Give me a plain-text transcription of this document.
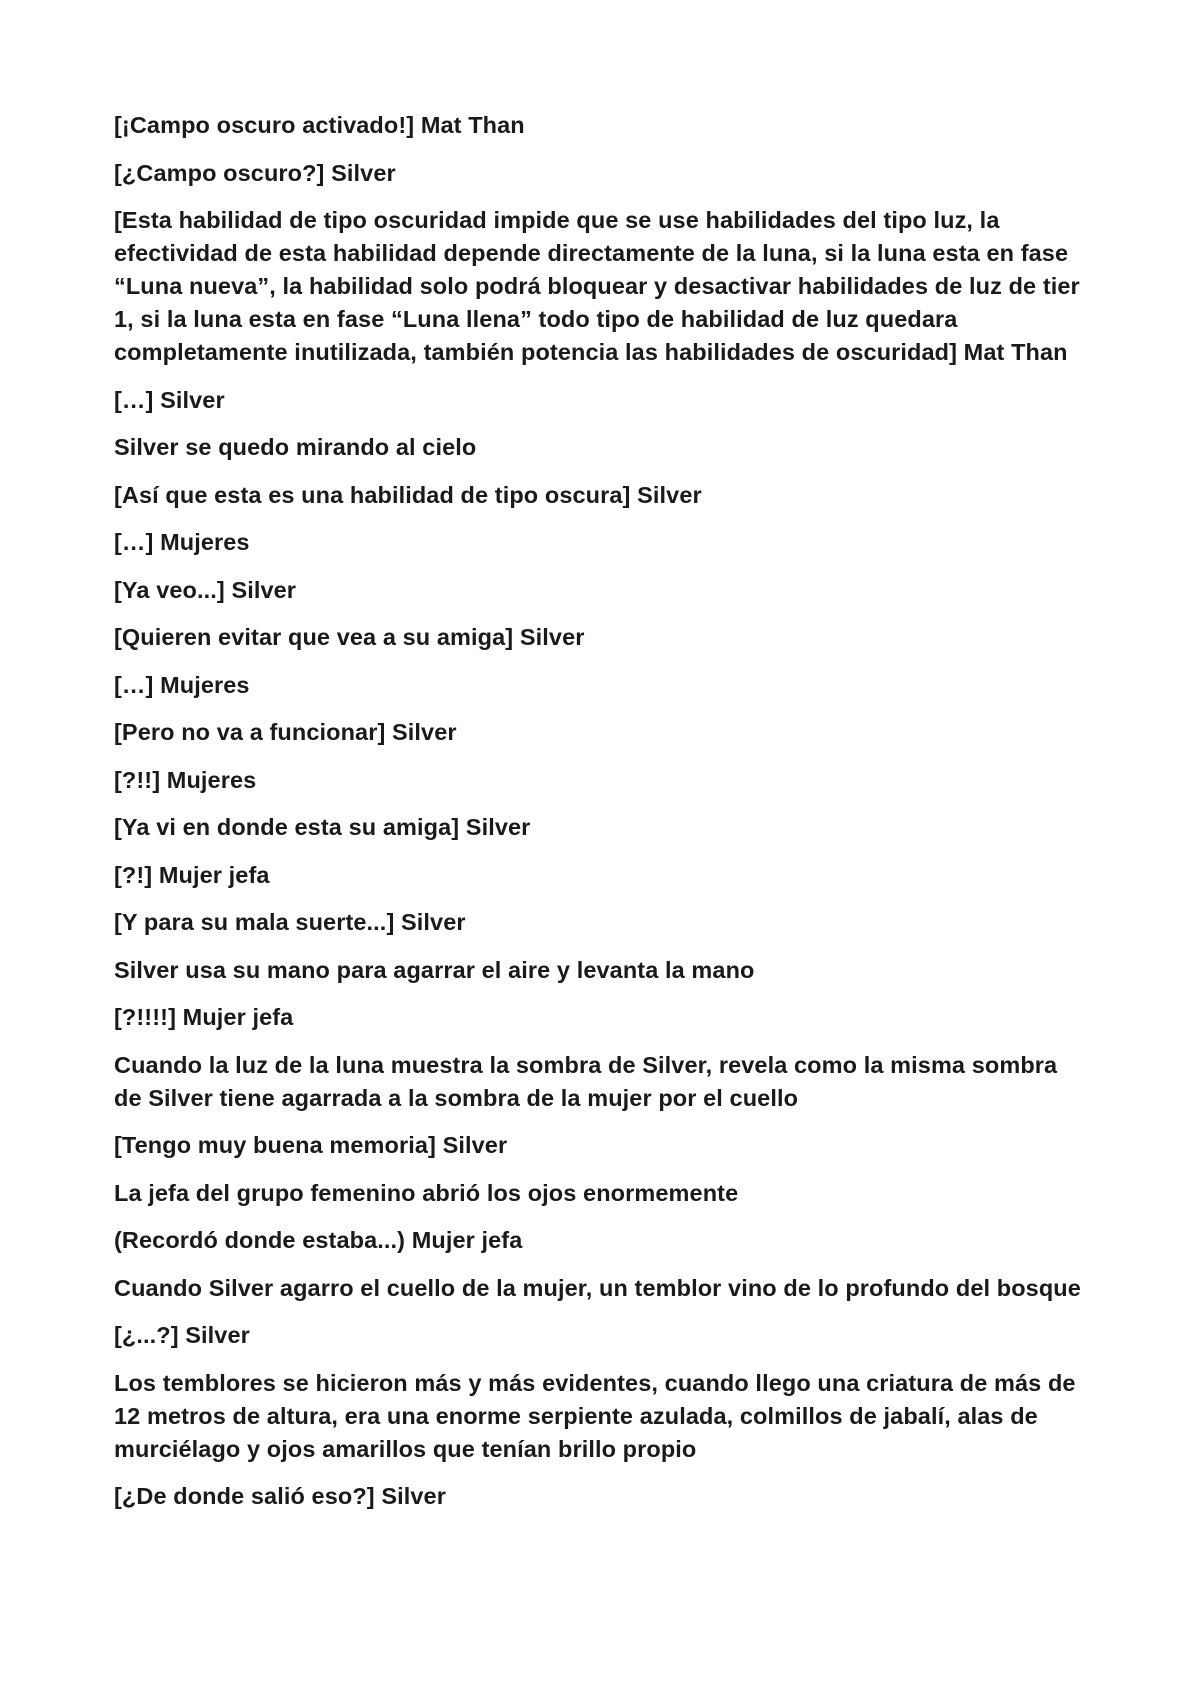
[¡Campo oscuro activado!] Mat Than

[¿Campo oscuro?] Silver

[Esta habilidad de tipo oscuridad impide que se use habilidades del tipo luz, la efectividad de esta habilidad depende directamente de la luna, si la luna esta en fase “Luna nueva”, la habilidad solo podrá bloquear y desactivar habilidades de luz de tier 1, si la luna esta en fase “Luna llena” todo tipo de habilidad de luz quedara completamente inutilizada, también potencia las habilidades de oscuridad] Mat Than

[…] Silver

Silver se quedo mirando al cielo

[Así que esta es una habilidad de tipo oscura] Silver

[…] Mujeres

[Ya veo...] Silver

[Quieren evitar que vea a su amiga] Silver

[…] Mujeres

[Pero no va a funcionar] Silver

[?!!] Mujeres

[Ya vi en donde esta su amiga] Silver

[?!] Mujer jefa

[Y para su mala suerte...] Silver

Silver usa su mano para agarrar el aire y levanta la mano

[?!!!!] Mujer jefa

Cuando la luz de la luna muestra la sombra de Silver, revela como la misma sombra de Silver tiene agarrada a la sombra de la mujer por el cuello

[Tengo muy buena memoria] Silver

La jefa del grupo femenino abrió los ojos enormemente

(Recordó donde estaba...) Mujer jefa

Cuando Silver agarro el cuello de la mujer, un temblor vino de lo profundo del bosque

[¿...?] Silver

Los temblores se hicieron más y más evidentes, cuando llego una criatura de más de 12 metros de altura, era una enorme serpiente azulada, colmillos de jabalí, alas de murciélago y ojos amarillos que tenían brillo propio

[¿De donde salió eso?] Silver
